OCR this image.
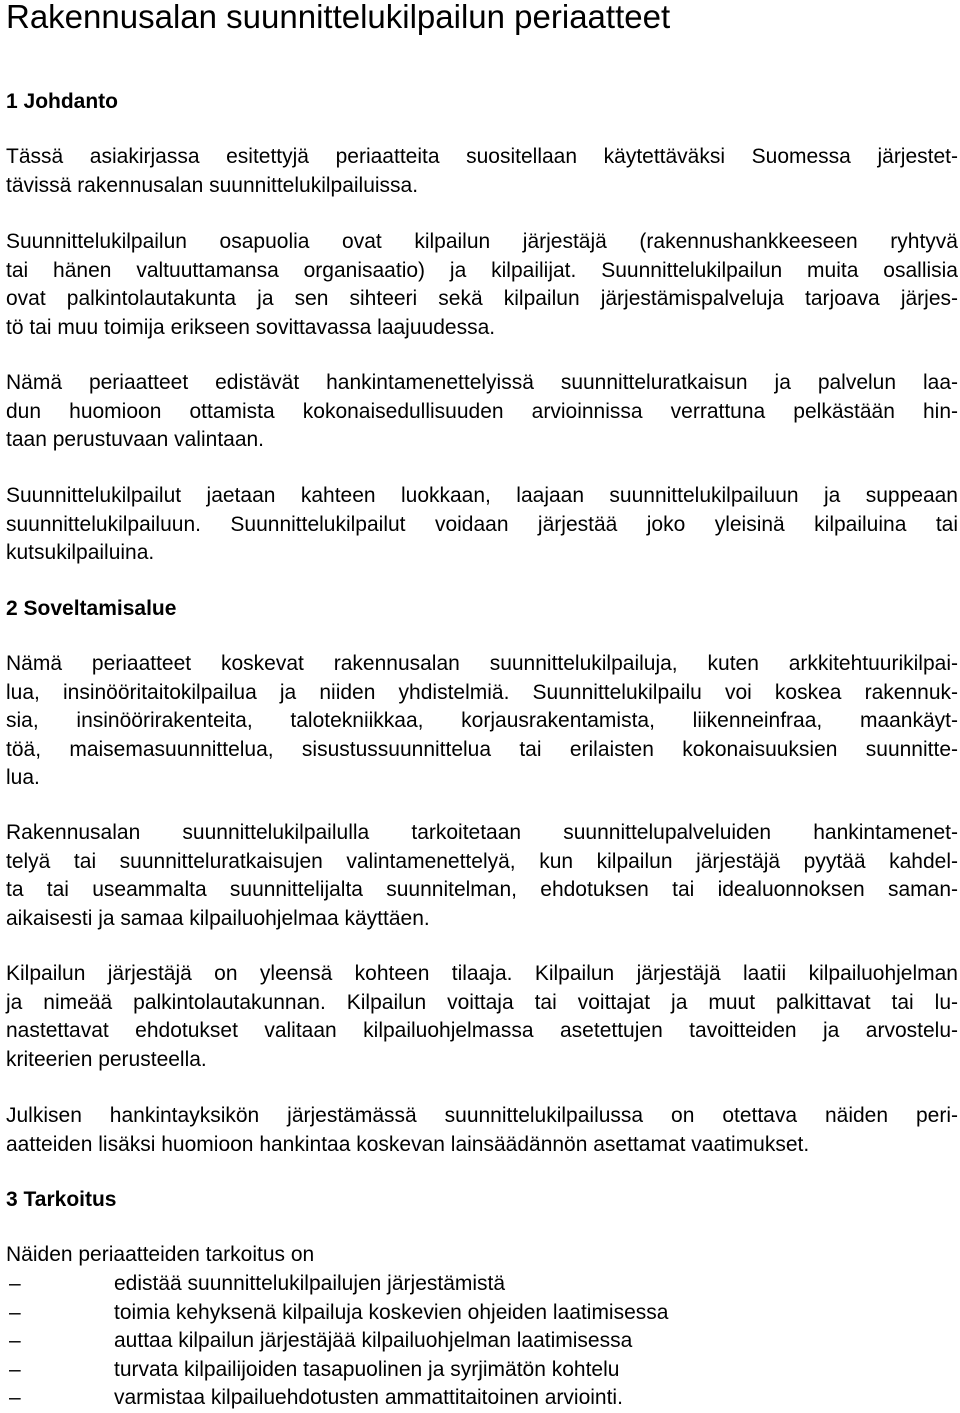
Rakennusalan suunnittelukilpailun periaatteet
1 Johdanto
Tässä asiakirjassa esitettyjä periaatteita suositellaan käytettäväksi Suomessa järjestet-
tävissä rakennusalan suunnittelukilpailuissa.
Suunnittelukilpailun osapuolia ovat kilpailun järjestäjä (rakennushankkeeseen ryhtyvä
tai hänen valtuuttamansa organisaatio) ja kilpailijat. Suunnittelukilpailun muita osallisia
ovat palkintolautakunta ja sen sihteeri sekä kilpailun järjestämispalveluja tarjoava järjes-
tö tai muu toimija erikseen sovittavassa laajuudessa.
Nämä periaatteet edistävät hankintamenettelyissä suunnitteluratkaisun ja palvelun laa-
dun huomioon ottamista kokonaisedullisuuden arvioinnissa verrattuna pelkästään hin-
taan perustuvaan valintaan.
Suunnittelukilpailut jaetaan kahteen luokkaan, laajaan suunnittelukilpailuun ja suppeaan
suunnittelukilpailuun. Suunnittelukilpailut voidaan järjestää joko yleisinä kilpailuina tai
kutsukilpailuina.
2 Soveltamisalue
Nämä periaatteet koskevat rakennusalan suunnittelukilpailuja, kuten arkkitehtuurikilpai-
lua, insinööritaitokilpailua ja niiden yhdistelmiä. Suunnittelukilpailu voi koskea rakennuk-
sia, insinöörirakenteita, talotekniikkaa, korjausrakentamista, liikenneinfraa, maankäyt-
töä, maisemasuunnittelua, sisustussuunnittelua tai erilaisten kokonaisuuksien suunnitte-
lua.
Rakennusalan suunnittelukilpailulla tarkoitetaan suunnittelupalveluiden hankintamenet-
telyä tai suunnitteluratkaisujen valintamenettelyä, kun kilpailun järjestäjä pyytää kahdel-
ta tai useammalta suunnittelijalta suunnitelman, ehdotuksen tai idealuonnoksen saman-
aikaisesti ja samaa kilpailuohjelmaa käyttäen.
Kilpailun järjestäjä on yleensä kohteen tilaaja. Kilpailun järjestäjä laatii kilpailuohjelman
ja nimeää palkintolautakunnan. Kilpailun voittaja tai voittajat ja muut palkittavat tai lu-
nastettavat ehdotukset valitaan kilpailuohjelmassa asetettujen tavoitteiden ja arvostelu-
kriteerien perusteella.
Julkisen hankintayksikön järjestämässä suunnittelukilpailussa on otettava näiden peri-
aatteiden lisäksi huomioon hankintaa koskevan lainsäädännön asettamat vaatimukset.
3 Tarkoitus
Näiden periaatteiden tarkoitus on
–	edistää suunnittelukilpailujen järjestämistä
–	toimia kehyksenä kilpailuja koskevien ohjeiden laatimisessa
–	auttaa kilpailun järjestäjää kilpailuohjelman laatimisessa
–	turvata kilpailijoiden tasapuolinen ja syrjimätön kohtelu
–	varmistaa kilpailuehdotusten ammattitaitoinen arviointi.
